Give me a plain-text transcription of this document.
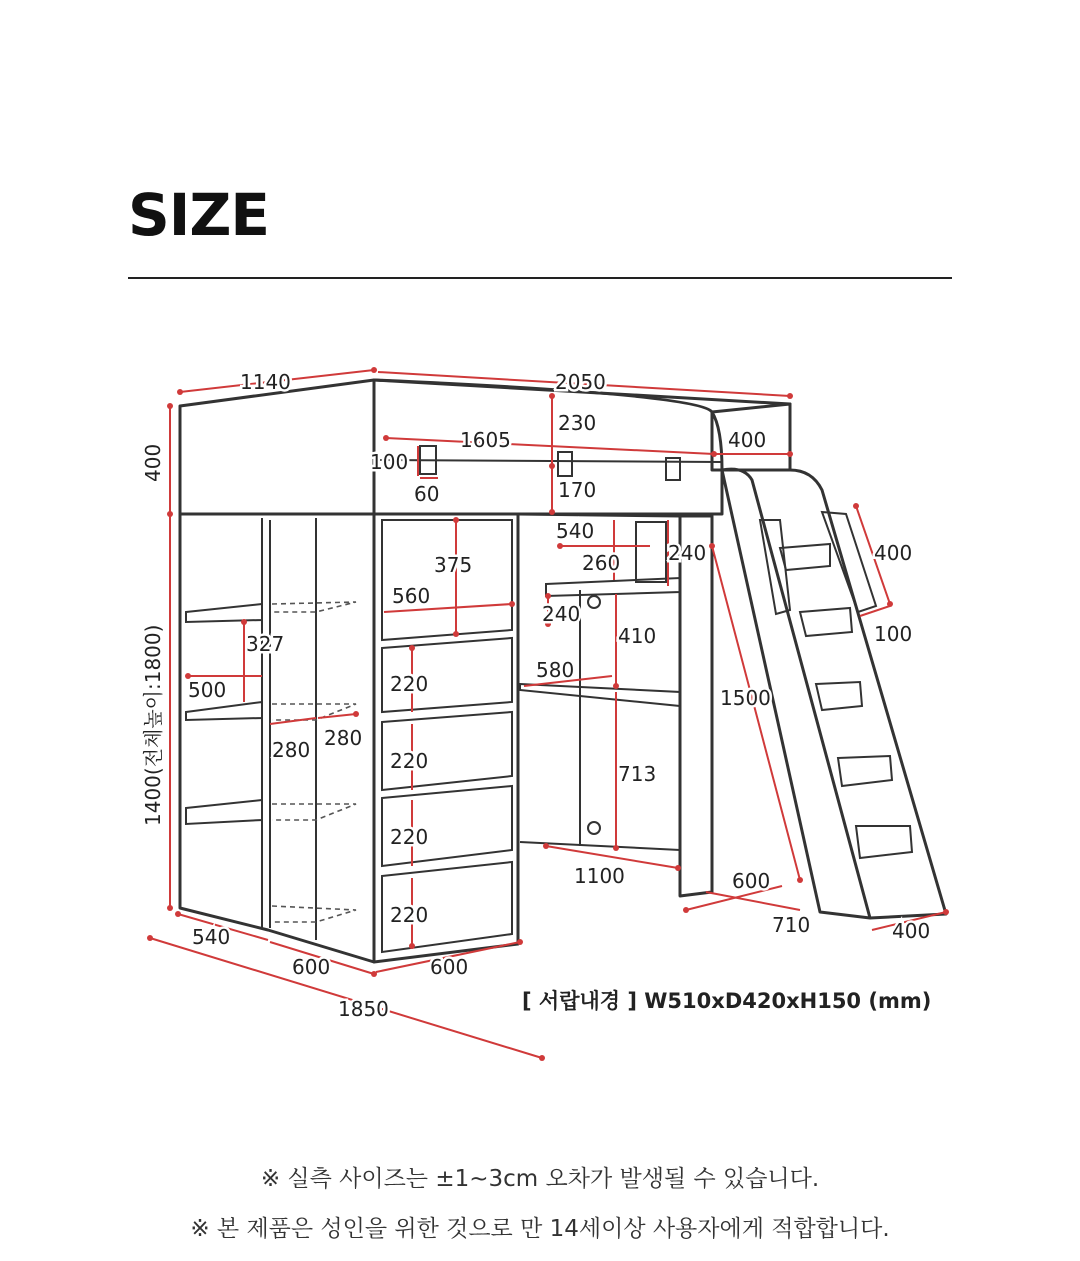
SIZE
1140	2050
400
1605
230
400
100
60	170
540
260 240
375	400
560
240
410	100
327
580
500	1500
220
220
220
220
280 280
713
1400(전체높이:1800)
1100	600
710	400
540
600	600
1850	[ 서랍내경 ] W510xD420xH150 (mm)
※ 실측 사이즈는 ±1~3cm 오차가 발생될 수 있습니다.
※ 본 제품은 성인을 위한 것으로 만 14세이상 사용자에게 적합합니다.
